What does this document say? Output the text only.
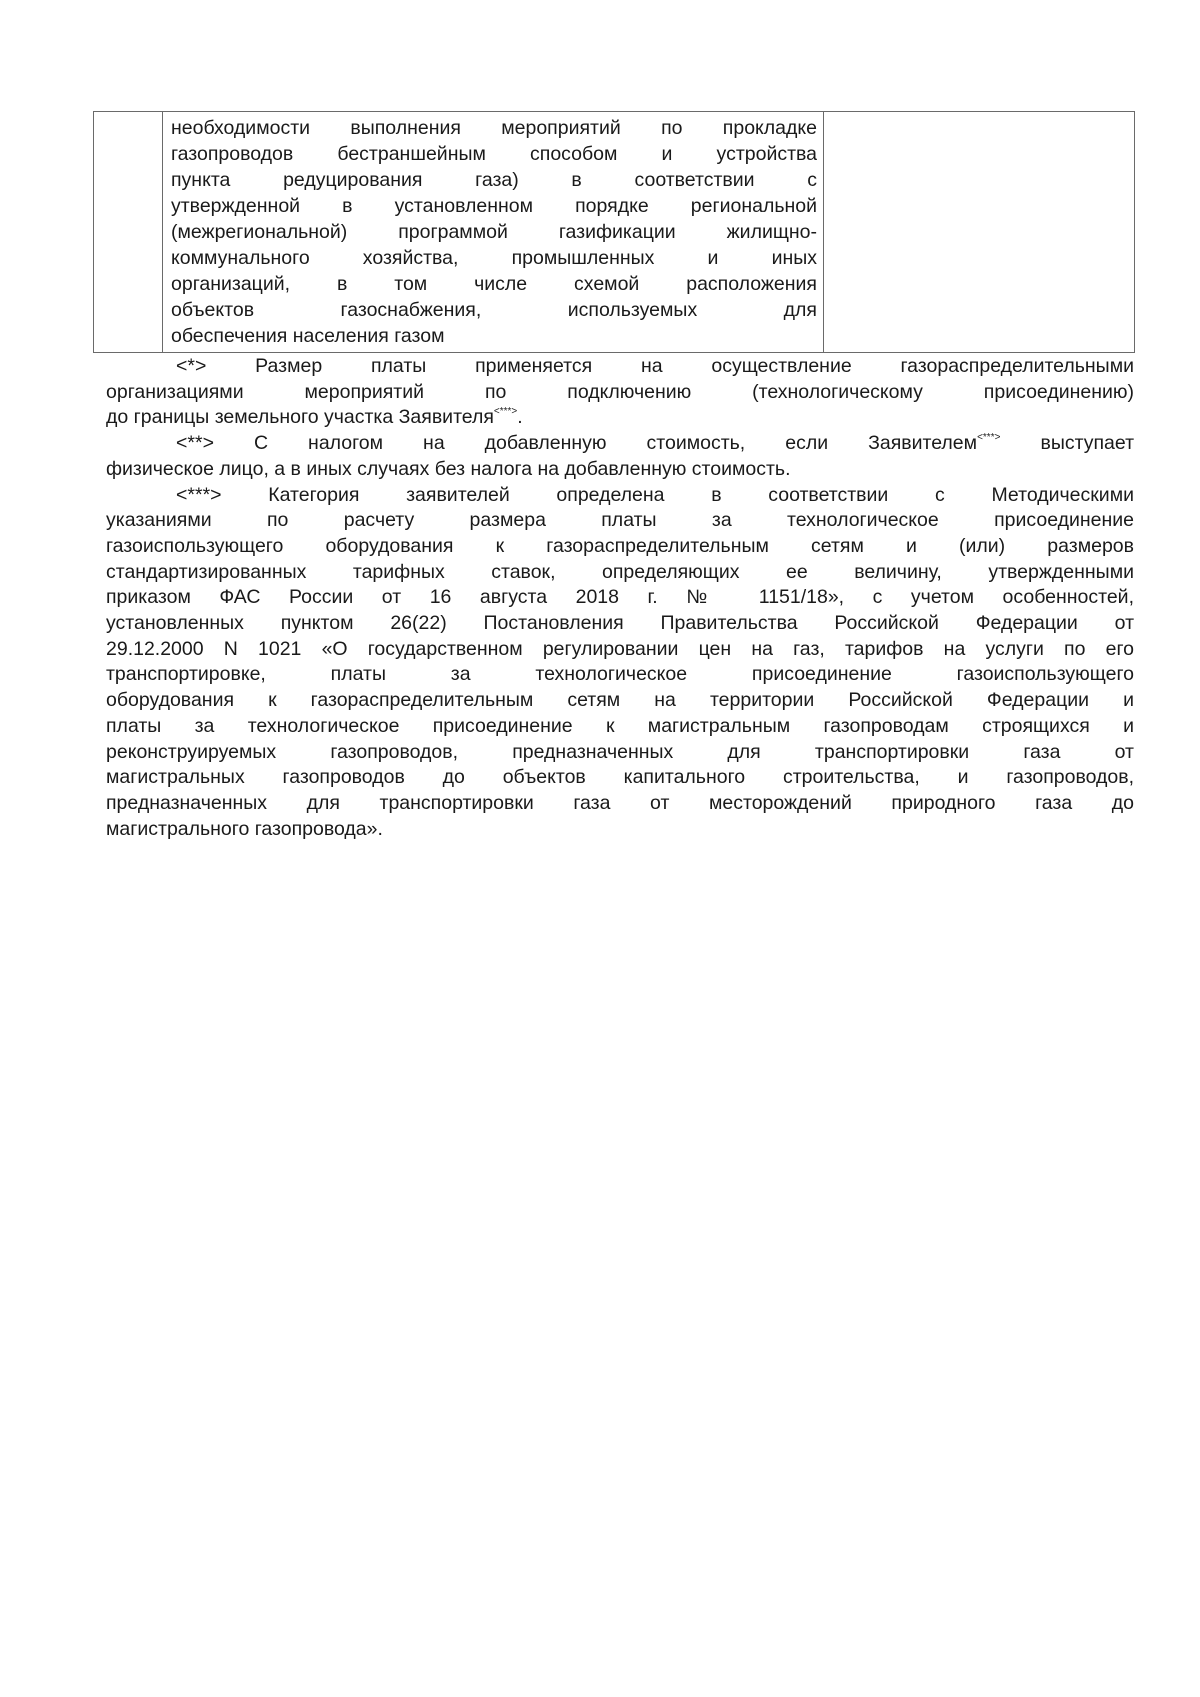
необходимости выполнения мероприятий по прокладке
газопроводов бестраншейным способом и устройства
пункта редуцирования газа) в соответствии с
утвержденной в установленном порядке региональной
(межрегиональной) программой газификации жилищно-
коммунального хозяйства, промышленных и иных
организаций, в том числе схемой расположения
объектов газоснабжения, используемых для
обеспечения населения газом

<*>	Размер платы применяется на осуществление газораспределительными
организациями мероприятий по подключению (технологическому присоединению)
до границы земельного участка Заявителя<***>.
<**> С налогом на добавленную стоимость, если Заявителем<***> выступает
физическое лицо, а в иных случаях без налога на добавленную стоимость.
<***> Категория заявителей определена в соответствии с Методическими
указаниями по расчету размера платы за технологическое присоединение
газоиспользующего оборудования к газораспределительным сетям и (или) размеров
стандартизированных тарифных ставок, определяющих ее величину, утвержденными
приказом ФАС России от 16 августа 2018 г. № 1151/18», с учетом особенностей,
установленных пунктом 26(22) Постановления Правительства Российской Федерации от
29.12.2000 N 1021 «О государственном регулировании цен на газ, тарифов на услуги по его
транспортировке, платы за технологическое присоединение газоиспользующего
оборудования к газораспределительным сетям на территории Российской Федерации и
платы за технологическое присоединение к магистральным газопроводам строящихся и
реконструируемых газопроводов, предназначенных для транспортировки газа от
магистральных газопроводов до объектов капитального строительства, и газопроводов,
предназначенных для транспортировки газа от месторождений природного газа до
магистрального газопровода».
